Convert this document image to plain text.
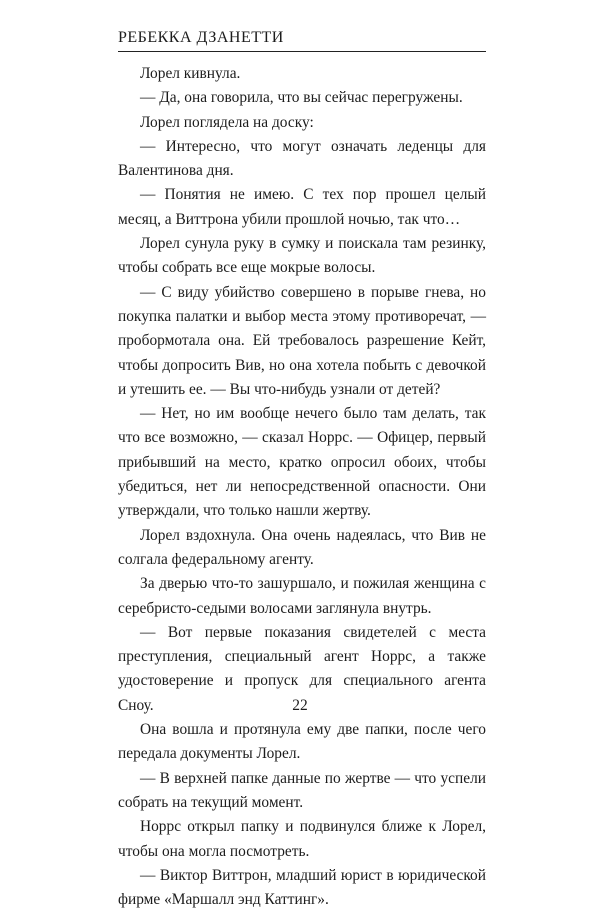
РЕБЕККА ДЗАНЕТТИ

Лорел кивнула.

— Да, она говорила, что вы сейчас перегружены.

Лорел поглядела на доску:

— Интересно, что могут означать леденцы для Валентинова дня.

— Понятия не имею. С тех пор прошел целый месяц, а Виттрона убили прошлой ночью, так что…

Лорел сунула руку в сумку и поискала там резинку, чтобы собрать все еще мокрые волосы.

— С виду убийство совершено в порыве гнева, но покупка палатки и выбор места этому противоречат, — пробормотала она. Ей требовалось разрешение Кейт, чтобы допросить Вив, но она хотела побыть с девочкой и утешить ее. — Вы что-нибудь узнали от детей?

— Нет, но им вообще нечего было там делать, так что все возможно, — сказал Норрс. — Офицер, первый прибывший на место, кратко опросил обоих, чтобы убедиться, нет ли непосредственной опасности. Они утверждали, что только нашли жертву.

Лорел вздохнула. Она очень надеялась, что Вив не солгала федеральному агенту.

За дверью что-то зашуршало, и пожилая женщина с серебристо-седыми волосами заглянула внутрь.

— Вот первые показания свидетелей с места преступления, специальный агент Норрс, а также удостоверение и пропуск для специального агента Сноу.

Она вошла и протянула ему две папки, после чего передала документы Лорел.

— В верхней папке данные по жертве — что успели собрать на текущий момент.

Норрс открыл папку и подвинулся ближе к Лорел, чтобы она могла посмотреть.

— Виктор Виттрон, младший юрист в юридической фирме «Маршалл энд Каттинг».

22
